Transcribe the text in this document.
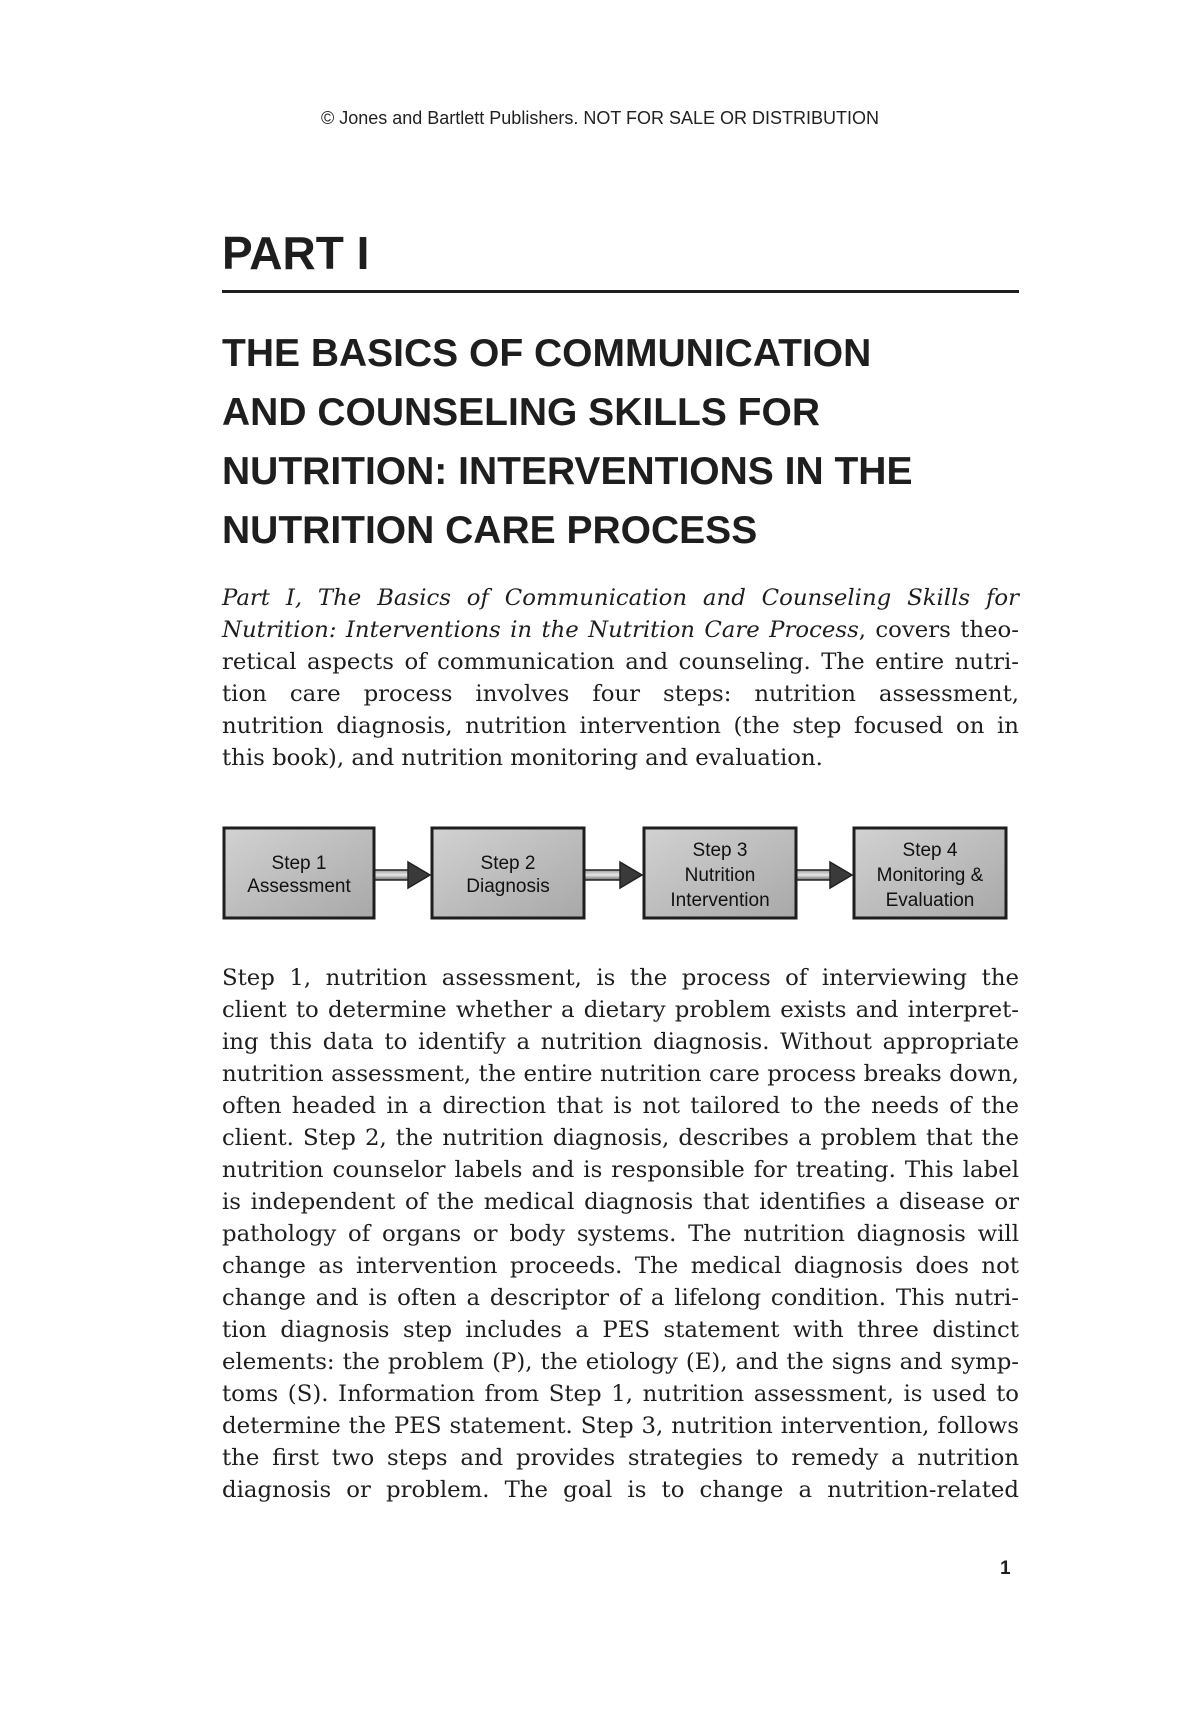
© Jones and Bartlett Publishers. NOT FOR SALE OR DISTRIBUTION
PART I
THE BASICS OF COMMUNICATION
AND COUNSELING SKILLS FOR
NUTRITION: INTERVENTIONS IN THE
NUTRITION CARE PROCESS
Part I, The Basics of Communication and Counseling Skills for
Nutrition: Interventions in the Nutrition Care Process, covers theo-
retical aspects of communication and counseling. The entire nutri-
tion care process involves four steps: nutrition assessment,
nutrition diagnosis, nutrition intervention (the step focused on in
this book), and nutrition monitoring and evaluation.
Step 1
Assessment
Step 2
Diagnosis
Step 3
Nutrition
Intervention
Step 4
Monitoring &
Evaluation
Step 1, nutrition assessment, is the process of interviewing the
client to determine whether a dietary problem exists and interpret-
ing this data to identify a nutrition diagnosis. Without appropriate
nutrition assessment, the entire nutrition care process breaks down,
often headed in a direction that is not tailored to the needs of the
client. Step 2, the nutrition diagnosis, describes a problem that the
nutrition counselor labels and is responsible for treating. This label
is independent of the medical diagnosis that identifies a disease or
pathology of organs or body systems. The nutrition diagnosis will
change as intervention proceeds. The medical diagnosis does not
change and is often a descriptor of a lifelong condition. This nutri-
tion diagnosis step includes a PES statement with three distinct
elements: the problem (P), the etiology (E), and the signs and symp-
toms (S). Information from Step 1, nutrition assessment, is used to
determine the PES statement. Step 3, nutrition intervention, follows
the first two steps and provides strategies to remedy a nutrition
diagnosis or problem. The goal is to change a nutrition-related
1
